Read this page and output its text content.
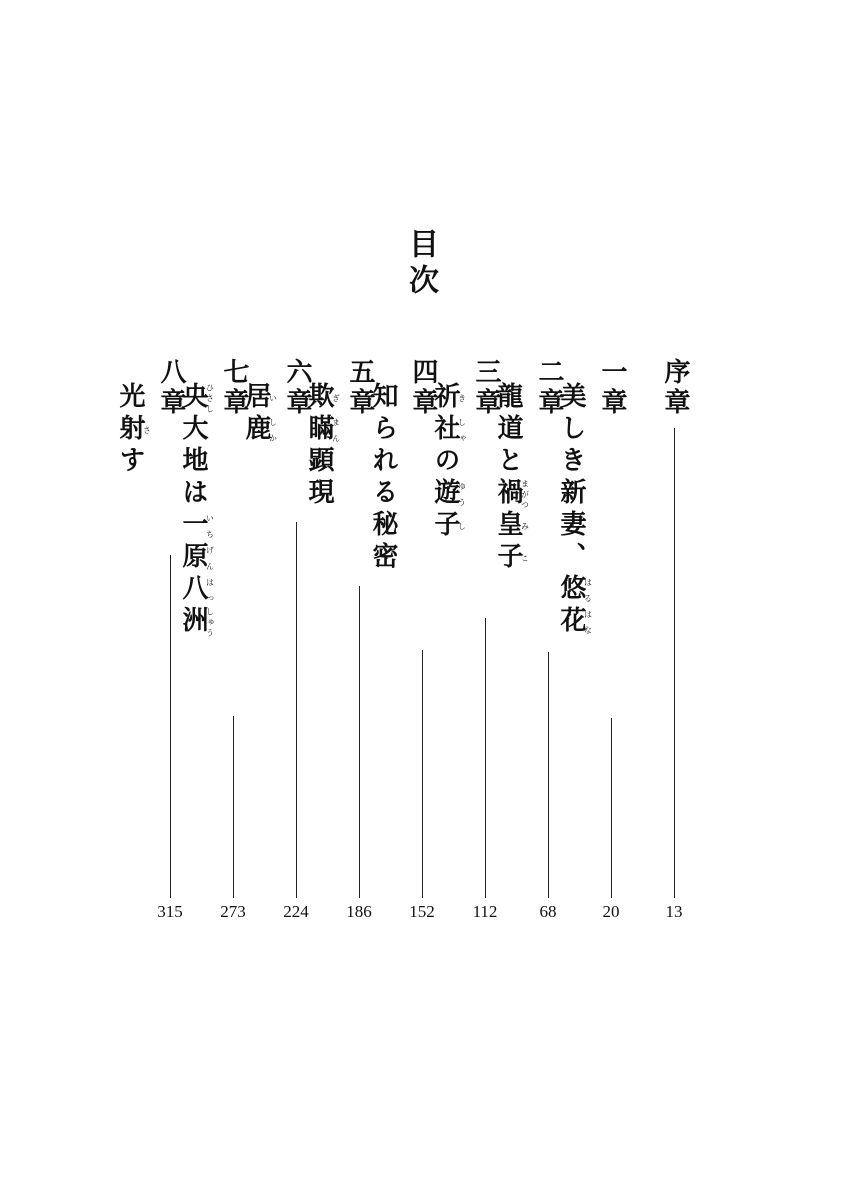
目次
序章
13
一章
美しき新妻、悠はる花はな
20
二章
龍道と禍まがつ皇み子こ
68
三章
祈き社しゃの遊ゆう子し
112
四章
知られる秘密
152
五章
欺ぎ瞞まん顕現
186
六章
居い鹿しか
224
七章
央ひさし大地は一いち原げん八はっ洲しゅう
273
八章
光射さす
315
